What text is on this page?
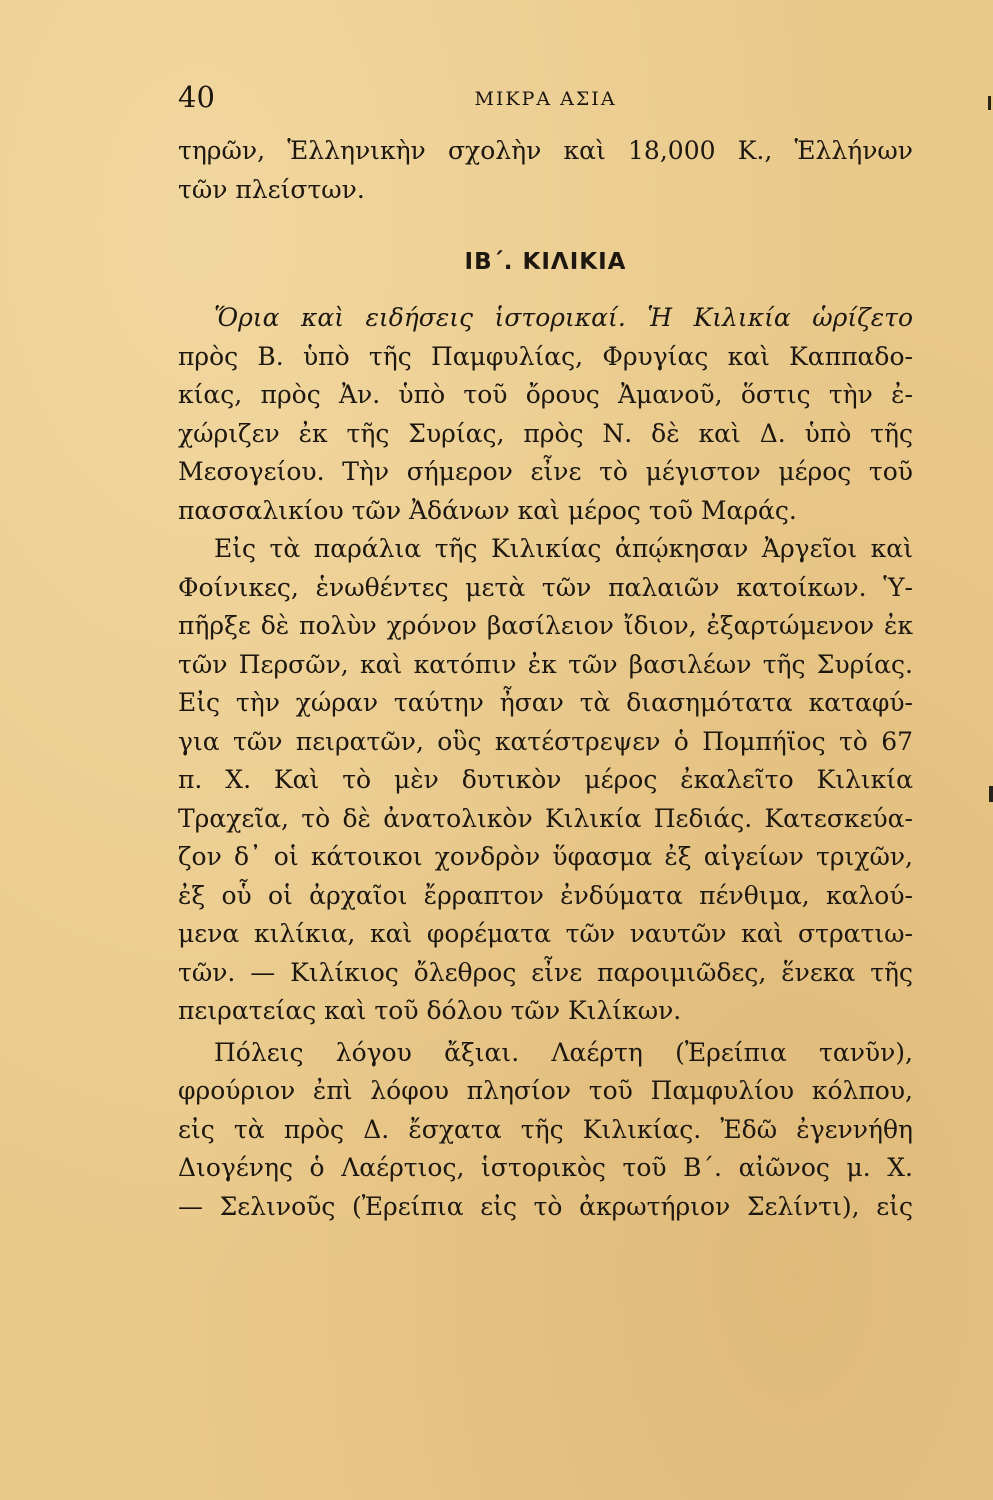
40	ΜΙΚΡΑ ΑΣΙΑ
τηρῶν, Ἑλληνικὴν σχολὴν καὶ 18,000 Κ., Ἑλλήνων
τῶν πλείστων.
ΙΒ΄. ΚΙΛΙΚΙΑ
Ὅρια καὶ ειδήσεις ἱστορικαί. Ἡ Κιλικία ὡρίζετο
πρὸς Β. ὑπὸ τῆς Παμφυλίας, Φρυγίας καὶ Καππαδο-
κίας, πρὸς Ἀν. ὑπὸ τοῦ ὄρους Ἀμανοῦ, ὅστις τὴν ἐ-
χώριζεν ἐκ τῆς Συρίας, πρὸς Ν. δὲ καὶ Δ. ὑπὸ τῆς
Μεσογείου. Τὴν σήμερον εἶνε τὸ μέγιστον μέρος τοῦ
πασσαλικίου τῶν Ἀδάνων καὶ μέρος τοῦ Μαράς.
Εἰς τὰ παράλια τῆς Κιλικίας ἀπῴκησαν Ἀργεῖοι καὶ
Φοίνικες, ἑνωθέντες μετὰ τῶν παλαιῶν κατοίκων. Ὑ-
πῆρξε δὲ πολὺν χρόνον βασίλειον ἴδιον, ἐξαρτώμενον ἐκ
τῶν Περσῶν, καὶ κατόπιν ἐκ τῶν βασιλέων τῆς Συρίας.
Εἰς τὴν χώραν ταύτην ἦσαν τὰ διασημότατα καταφύ-
για τῶν πειρατῶν, οὓς κατέστρεψεν ὁ Πομπήϊος τὸ 67
π. Χ. Καὶ τὸ μὲν δυτικὸν μέρος ἐκαλεῖτο Κιλικία
Τραχεῖα, τὸ δὲ ἀνατολικὸν Κιλικία Πεδιάς. Κατεσκεύα-
ζον δ᾽ οἱ κάτοικοι χονδρὸν ὕφασμα ἐξ αἰγείων τριχῶν,
ἐξ οὗ οἱ ἀρχαῖοι ἔρραπτον ἐνδύματα πένθιμα, καλού-
μενα κιλίκια, καὶ φορέματα τῶν ναυτῶν καὶ στρατιω-
τῶν. — Κιλίκιος ὄλεθρος εἶνε παροιμιῶδες, ἕνεκα τῆς
πειρατείας καὶ τοῦ δόλου τῶν Κιλίκων.
Πόλεις λόγου ἄξιαι. Λαέρτη (Ἐρείπια τανῦν),
φρούριον ἐπὶ λόφου πλησίον τοῦ Παμφυλίου κόλπου,
εἰς τὰ πρὸς Δ. ἔσχατα τῆς Κιλικίας. Ἐδῶ ἐγεννήθη
Διογένης ὁ Λαέρτιος, ἱστορικὸς τοῦ Β΄. αἰῶνος μ. Χ.
— Σελινοῦς (Ἐρείπια εἰς τὸ ἀκρωτήριον Σελίντι), εἰς
